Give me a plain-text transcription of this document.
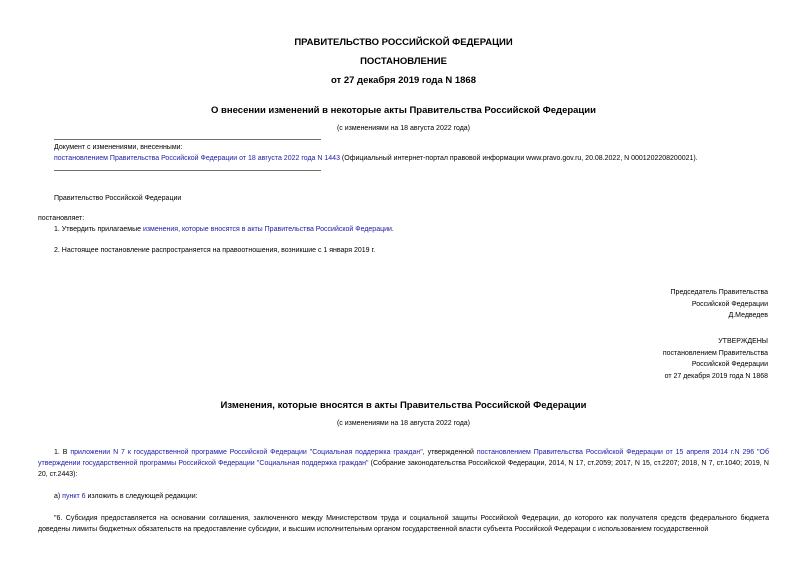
ПРАВИТЕЛЬСТВО РОССИЙСКОЙ ФЕДЕРАЦИИ
ПОСТАНОВЛЕНИЕ
от 27 декабря 2019 года N 1868
О внесении изменений в некоторые акты Правительства Российской Федерации
(с изменениями на 18 августа 2022 года)
Документ с изменениями, внесенными:
постановлением Правительства Российской Федерации от 18 августа 2022 года N 1443 (Официальный интернет-портал правовой информации www.pravo.gov.ru, 20.08.2022, N 0001202208200021).
Правительство Российской Федерации
постановляет:
1. Утвердить прилагаемые изменения, которые вносятся в акты Правительства Российской Федерации.
2. Настоящее постановление распространяется на правоотношения, возникшие с 1 января 2019 г.
Председатель Правительства
Российской Федерации
Д.Медведев
УТВЕРЖДЕНЫ
постановлением Правительства
Российской Федерации
от 27 декабря 2019 года N 1868
Изменения, которые вносятся в акты Правительства Российской Федерации
(с изменениями на 18 августа 2022 года)
1. В приложении N 7 к государственной программе Российской Федерации "Социальная поддержка граждан", утвержденной постановлением Правительства Российской Федерации от 15 апреля 2014 г.N 296 "Об утверждении государственной программы Российской Федерации "Социальная поддержка граждан" (Собрание законодательства Российской Федерации, 2014, N 17, ст.2059; 2017, N 15, ст.2207; 2018, N 7, ст.1040; 2019, N 20, ст.2443):
а) пункт 6 изложить в следующей редакции:
"6. Субсидия предоставляется на основании соглашения, заключенного между Министерством труда и социальной защиты Российской Федерации, до которого как получателя средств федерального бюджета доведены лимиты бюджетных обязательств на предоставление субсидии, и высшим исполнительным органом государственной власти субъекта Российской Федерации с использованием государственной
